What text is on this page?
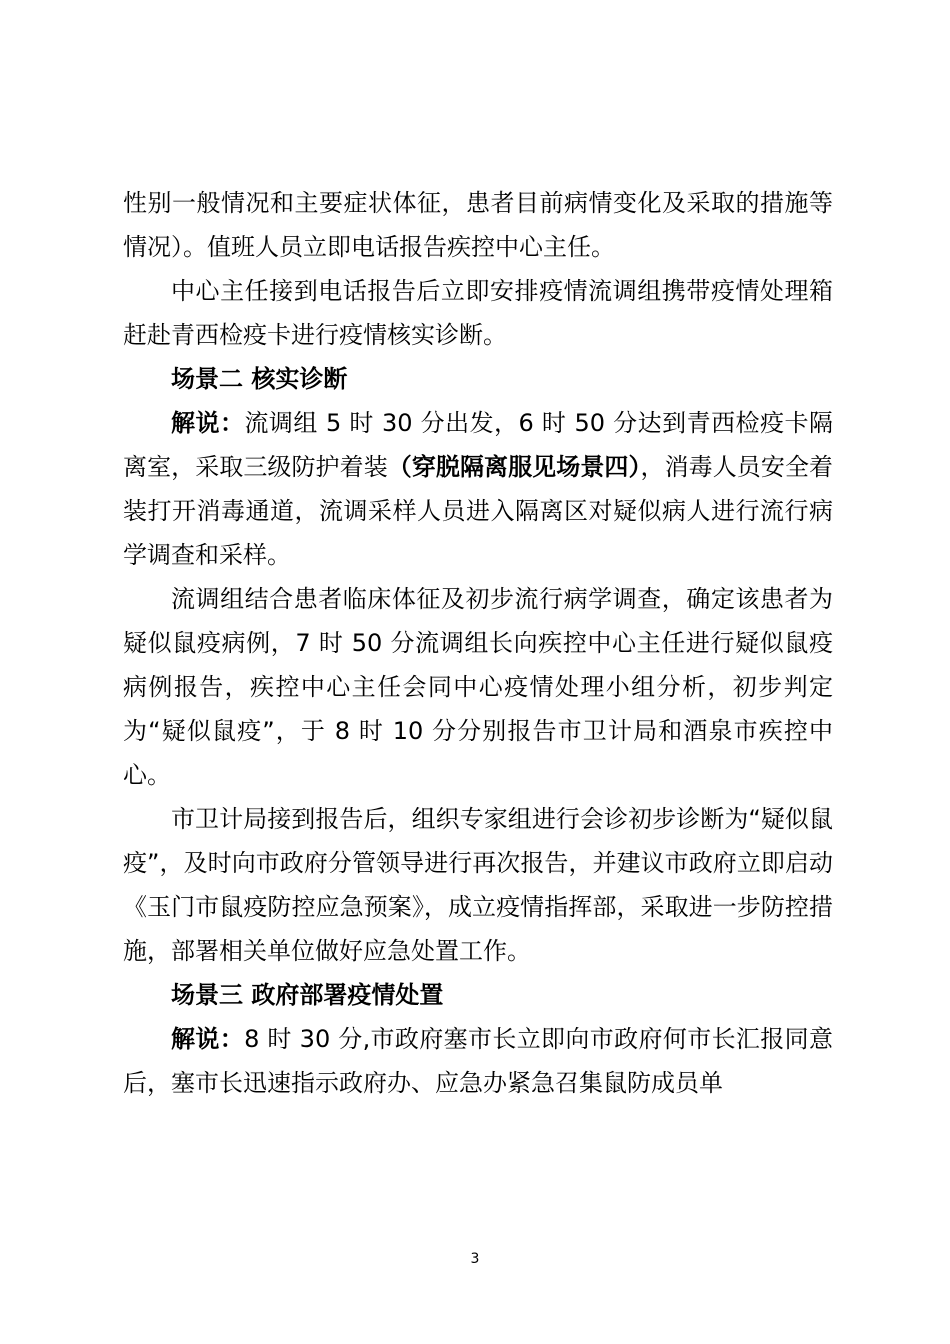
性别一般情况和主要症状体征，患者目前病情变化及采取的措施等情况）。值班人员立即电话报告疾控中心主任。

中心主任接到电话报告后立即安排疫情流调组携带疫情处理箱赶赴青西检疫卡进行疫情核实诊断。

场景二 核实诊断

解说：流调组 5 时 30 分出发，6 时 50 分达到青西检疫卡隔离室，采取三级防护着装（穿脱隔离服见场景四），消毒人员安全着装打开消毒通道，流调采样人员进入隔离区对疑似病人进行流行病学调查和采样。

流调组结合患者临床体征及初步流行病学调查，确定该患者为疑似鼠疫病例，7 时 50 分流调组长向疾控中心主任进行疑似鼠疫病例报告，疾控中心主任会同中心疫情处理小组分析，初步判定为“疑似鼠疫”，于 8 时 10 分分别报告市卫计局和酒泉市疾控中心。

市卫计局接到报告后，组织专家组进行会诊初步诊断为“疑似鼠疫”，及时向市政府分管领导进行再次报告，并建议市政府立即启动《玉门市鼠疫防控应急预案》，成立疫情指挥部，采取进一步防控措施，部署相关单位做好应急处置工作。

场景三 政府部署疫情处置

解说：8 时 30 分,市政府塞市长立即向市政府何市长汇报同意后，塞市长迅速指示政府办、应急办紧急召集鼠防成员单

3
